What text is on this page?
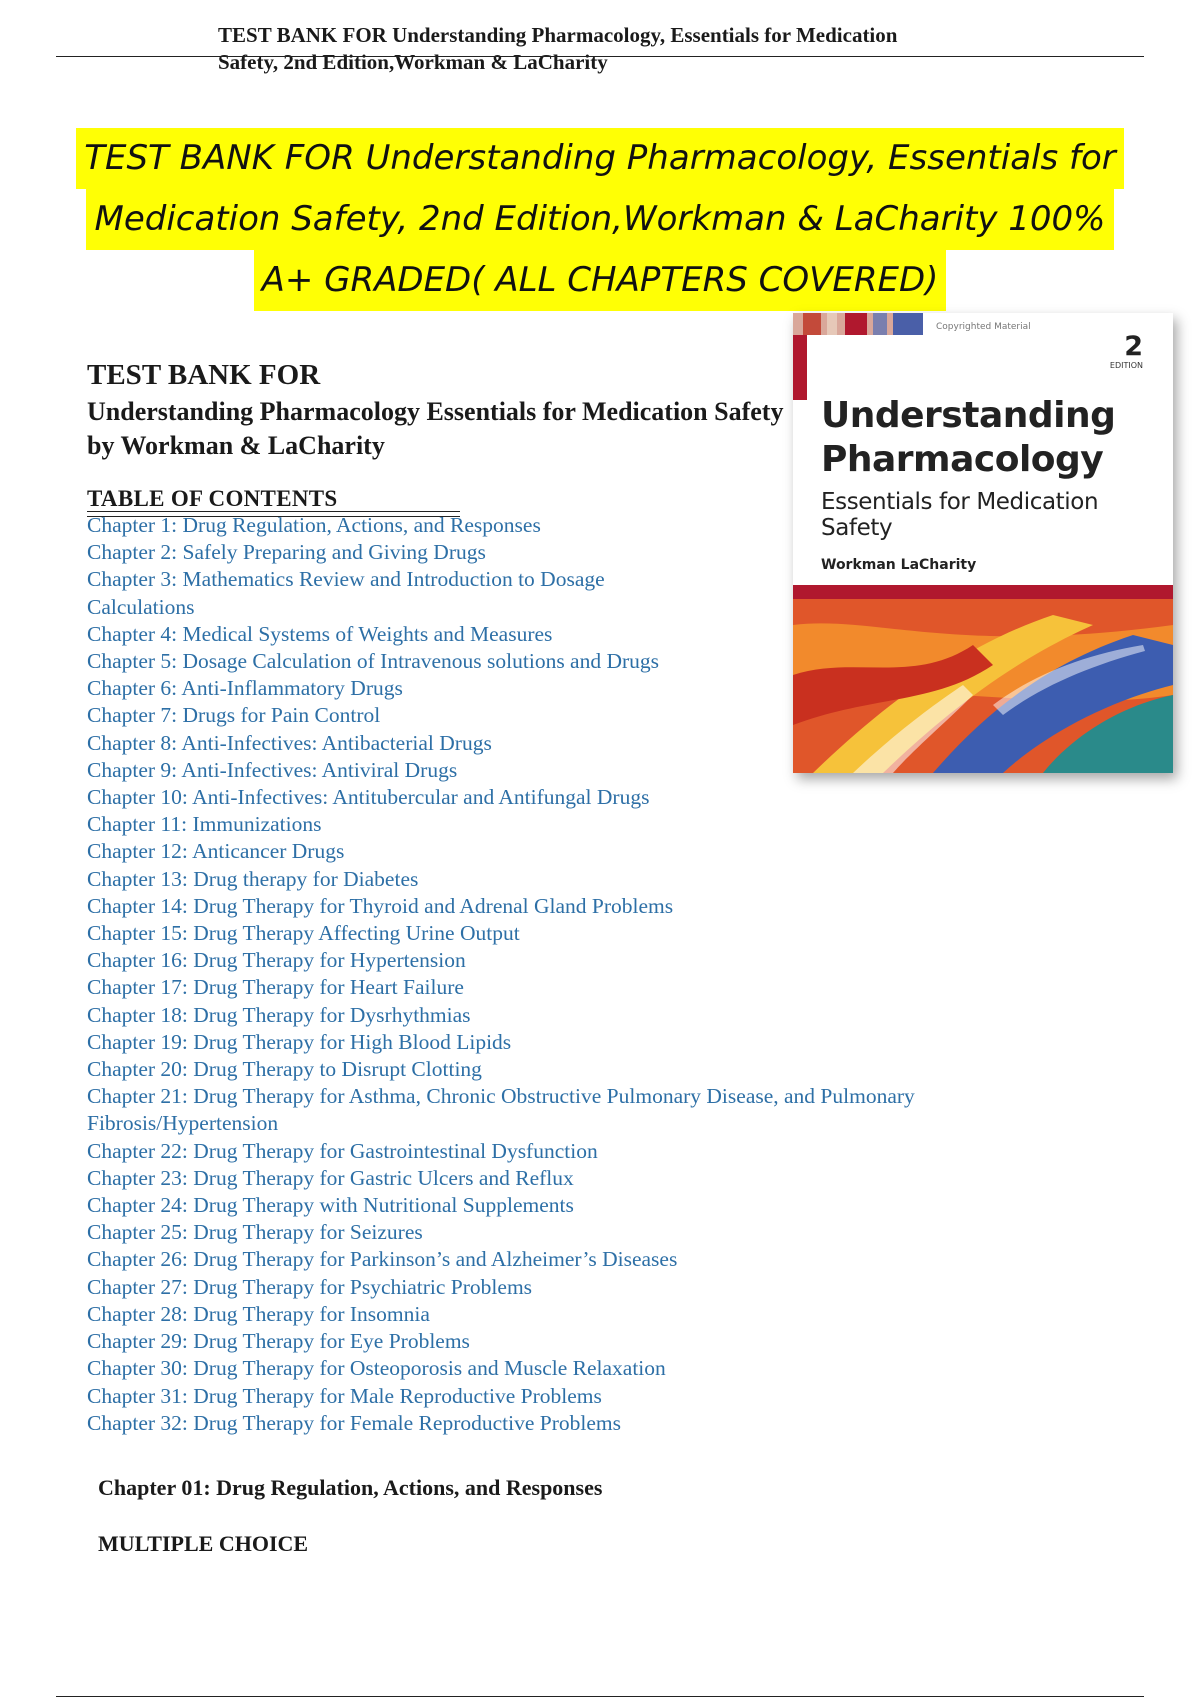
TEST BANK FOR Understanding Pharmacology, Essentials for Medication Safety, 2nd Edition,Workman & LaCharity
TEST BANK FOR Understanding Pharmacology, Essentials for
Medication Safety, 2nd Edition,Workman & LaCharity 100%
A+ GRADED( ALL CHAPTERS COVERED)
TEST BANK FOR
Understanding Pharmacology Essentials for Medication Safety
by Workman & LaCharity
TABLE OF CONTENTS
Chapter 1: Drug Regulation, Actions, and Responses
Chapter 2: Safely Preparing and Giving Drugs
Chapter 3: Mathematics Review and Introduction to Dosage Calculations
Chapter 4: Medical Systems of Weights and Measures
Chapter 5: Dosage Calculation of Intravenous solutions and Drugs
Chapter 6: Anti-Inflammatory Drugs
Chapter 7: Drugs for Pain Control
Chapter 8: Anti-Infectives: Antibacterial Drugs
Chapter 9: Anti-Infectives: Antiviral Drugs
Chapter 10: Anti-Infectives: Antitubercular and Antifungal Drugs
Chapter 11: Immunizations
Chapter 12: Anticancer Drugs
Chapter 13: Drug therapy for Diabetes
Chapter 14: Drug Therapy for Thyroid and Adrenal Gland Problems
Chapter 15: Drug Therapy Affecting Urine Output
Chapter 16: Drug Therapy for Hypertension
Chapter 17: Drug Therapy for Heart Failure
Chapter 18: Drug Therapy for Dysrhythmias
Chapter 19: Drug Therapy for High Blood Lipids
Chapter 20: Drug Therapy to Disrupt Clotting
Chapter 21: Drug Therapy for Asthma, Chronic Obstructive Pulmonary Disease, and Pulmonary Fibrosis/Hypertension
Chapter 22: Drug Therapy for Gastrointestinal Dysfunction
Chapter 23: Drug Therapy for Gastric Ulcers and Reflux
Chapter 24: Drug Therapy with Nutritional Supplements
Chapter 25: Drug Therapy for Seizures
Chapter 26: Drug Therapy for Parkinson’s and Alzheimer’s Diseases
Chapter 27: Drug Therapy for Psychiatric Problems
Chapter 28: Drug Therapy for Insomnia
Chapter 29: Drug Therapy for Eye Problems
Chapter 30: Drug Therapy for Osteoporosis and Muscle Relaxation
Chapter 31: Drug Therapy for Male Reproductive Problems
Chapter 32: Drug Therapy for Female Reproductive Problems
Chapter 01: Drug Regulation, Actions, and Responses
MULTIPLE CHOICE
Copyrighted Material
2
EDITION
Understanding
Pharmacology
Essentials for Medication Safety
Workman LaCharity
